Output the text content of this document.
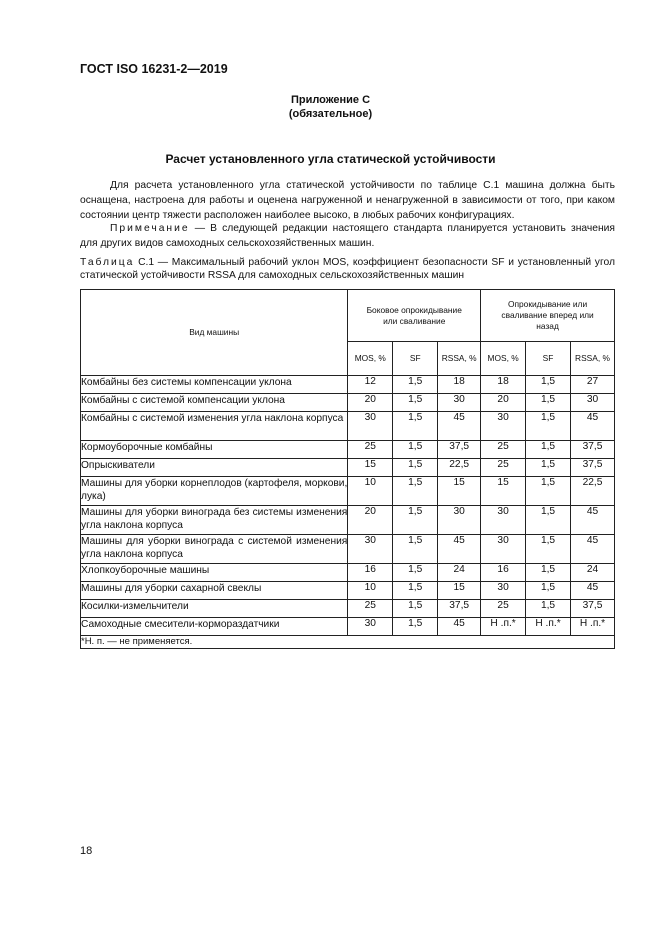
ГОСТ ISO 16231-2—2019
Приложение С
(обязательное)
Расчет установленного угла статической устойчивости
Для расчета установленного угла статической устойчивости по таблице С.1 машина должна быть оснащена, настроена для работы и оценена нагруженной и ненагруженной в зависимости от того, при каком состоянии центр тяжести расположен наиболее высоко, в любых рабочих конфигурациях.
Примечание — В следующей редакции настоящего стандарта планируется установить значения для других видов самоходных сельскохозяйственных машин.
Таблица С.1 — Максимальный рабочий уклон MOS, коэффициент безопасности SF и установленный угол статической устойчивости RSSA для самоходных сельскохозяйственных машин
Вид машины	Боковое опрокидывание или сваливание			Опрокидывание или сваливание вперед или назад		
	MOS, %	SF	RSSA, %	MOS, %	SF	RSSA, %
Комбайны без системы компенсации уклона	12	1,5	18	18	1,5	27
Комбайны с системой компенсации уклона	20	1,5	30	20	1,5	30
Комбайны с системой изменения угла наклона корпуса	30	1,5	45	30	1,5	45
Кормоуборочные комбайны	25	1,5	37,5	25	1,5	37,5
Опрыскиватели	15	1,5	22,5	25	1,5	37,5
Машины для уборки корнеплодов (картофеля, моркови, лука)	10	1,5	15	15	1,5	22,5
Машины для уборки винограда без системы изменения угла наклона корпуса	20	1,5	30	30	1,5	45
Машины для уборки винограда с системой изменения угла наклона корпуса	30	1,5	45	30	1,5	45
Хлопкоуборочные машины	16	1,5	24	16	1,5	24
Машины для уборки сахарной свеклы	10	1,5	15	30	1,5	45
Косилки-измельчители	25	1,5	37,5	25	1,5	37,5
Самоходные смесители-кормораздатчики	30	1,5	45	Н .п.*	Н .п.*	Н .п.*
*Н. п. — не применяется.						
18
